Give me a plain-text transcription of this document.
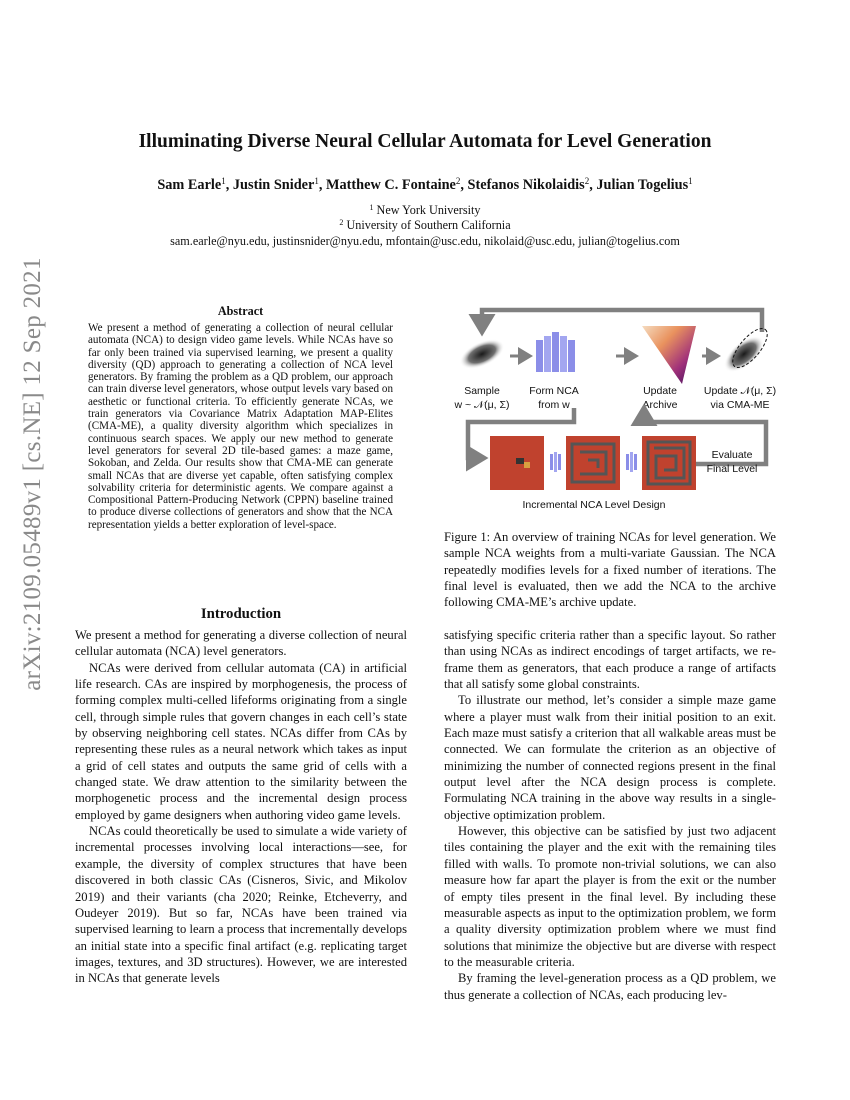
Illuminating Diverse Neural Cellular Automata for Level Generation
Sam Earle$^1$, Justin Snider$^1$, Matthew C. Fontaine$^2$, Stefanos Nikolaidis$^2$, Julian Togelius$^1$
$^1$ New York University
$^2$ University of Southern California
sam.earle@nyu.edu, justinsnider@nyu.edu, mfontain@usc.edu, nikolaid@usc.edu, julian@togelius.com
arXiv:2109.05489v1 [cs.NE] 12 Sep 2021	Abstract
We present a method of generating a collection of neural cellular automata (NCA) to design video game levels. While NCAs have so far only been trained via supervised learning, we present a quality diversity (QD) approach to generating a collection of NCA level generators. By framing the problem as a QD problem, our approach can train diverse level generators, whose output levels vary based on aesthetic or functional criteria. To efficiently generate NCAs, we train generators via Covariance Matrix Adaptation MAP-Elites (CMA-ME), a quality diversity algorithm which specializes in continuous search spaces. We apply our new method to generate level generators for several 2D tile-based games: a maze game, Sokoban, and Zelda. Our results show that CMA-ME can generate small NCAs that are diverse yet capable, often satisfying complex solvability criteria for deterministic agents. We compare against a Compositional Pattern-Producing Network (CPPN) baseline trained to produce diverse collections of generators and show that the NCA representation yields a better exploration of level-space.
Introduction

We present a method for generating a diverse collection of neural cellular automata (NCA) level generators.

NCAs were derived from cellular automata (CA) in artificial life research. CAs are inspired by morphogenesis, the process of forming complex multi-celled lifeforms originating from a single cell, through simple rules that govern changes in each cell’s state by observing neighboring cell states. NCAs differ from CAs by representing these rules as a neural network which takes as input a grid of cell states and outputs the same grid of cells with a changed state. We draw attention to the similarity between the morphogenetic process and the incremental design process employed by game designers when authoring video game levels.

NCAs could theoretically be used to simulate a wide variety of incremental processes involving local interactions—see, for example, the diversity of complex structures that have been discovered in both classic CAs (Cisneros, Sivic, and Mikolov 2019) and their variants (cha 2020; Reinke, Etcheverry, and Oudeyer 2019). But so far, NCAs have been trained via supervised learning to learn a process that incrementally develops an initial state into a specific final artifact (e.g. replicating target images, textures, and 3D structures). However, we are interested in NCAs that generate levels

satisfying specific criteria rather than a specific layout. So rather than using NCAs as indirect encodings of target artifacts, we re-frame them as generators, that each produce a range of artifacts that all satisfy some global constraints.

To illustrate our method, let’s consider a simple maze game where a player must walk from their initial position to an exit. Each maze must satisfy a criterion that all walkable areas must be connected. We can formulate the criterion as an objective of minimizing the number of connected regions present in the final output level after the NCA design process is complete. Formulating NCA training in the above way results in a single-objective optimization problem.

However, this objective can be satisfied by just two adjacent tiles containing the player and the exit with the remaining tiles filled with walls. To promote non-trivial solutions, we can also measure how far apart the player is from the exit or the number of empty tiles present in the final level. By including these measurable aspects as input to the optimization problem, we form a quality diversity optimization problem where we must find solutions that minimize the objective but are diverse with respect to the measurable criteria.

By framing the level-generation process as a QD problem, we thus generate a collection of NCAs, each producing lev-

Sample
w ~ 𝒩(μ, Σ)
Form NCA
from w
Update
Archive
Update 𝒩(μ, Σ)
via CMA-ME
Evaluate
Final Level
Incremental NCA Level Design
Figure 1: An overview of training NCAs for level generation. We sample NCA weights from a multi-variate Gaussian. The NCA repeatedly modifies levels for a fixed number of iterations. The final level is evaluated, then we add the NCA to the archive following CMA-ME’s archive update.
